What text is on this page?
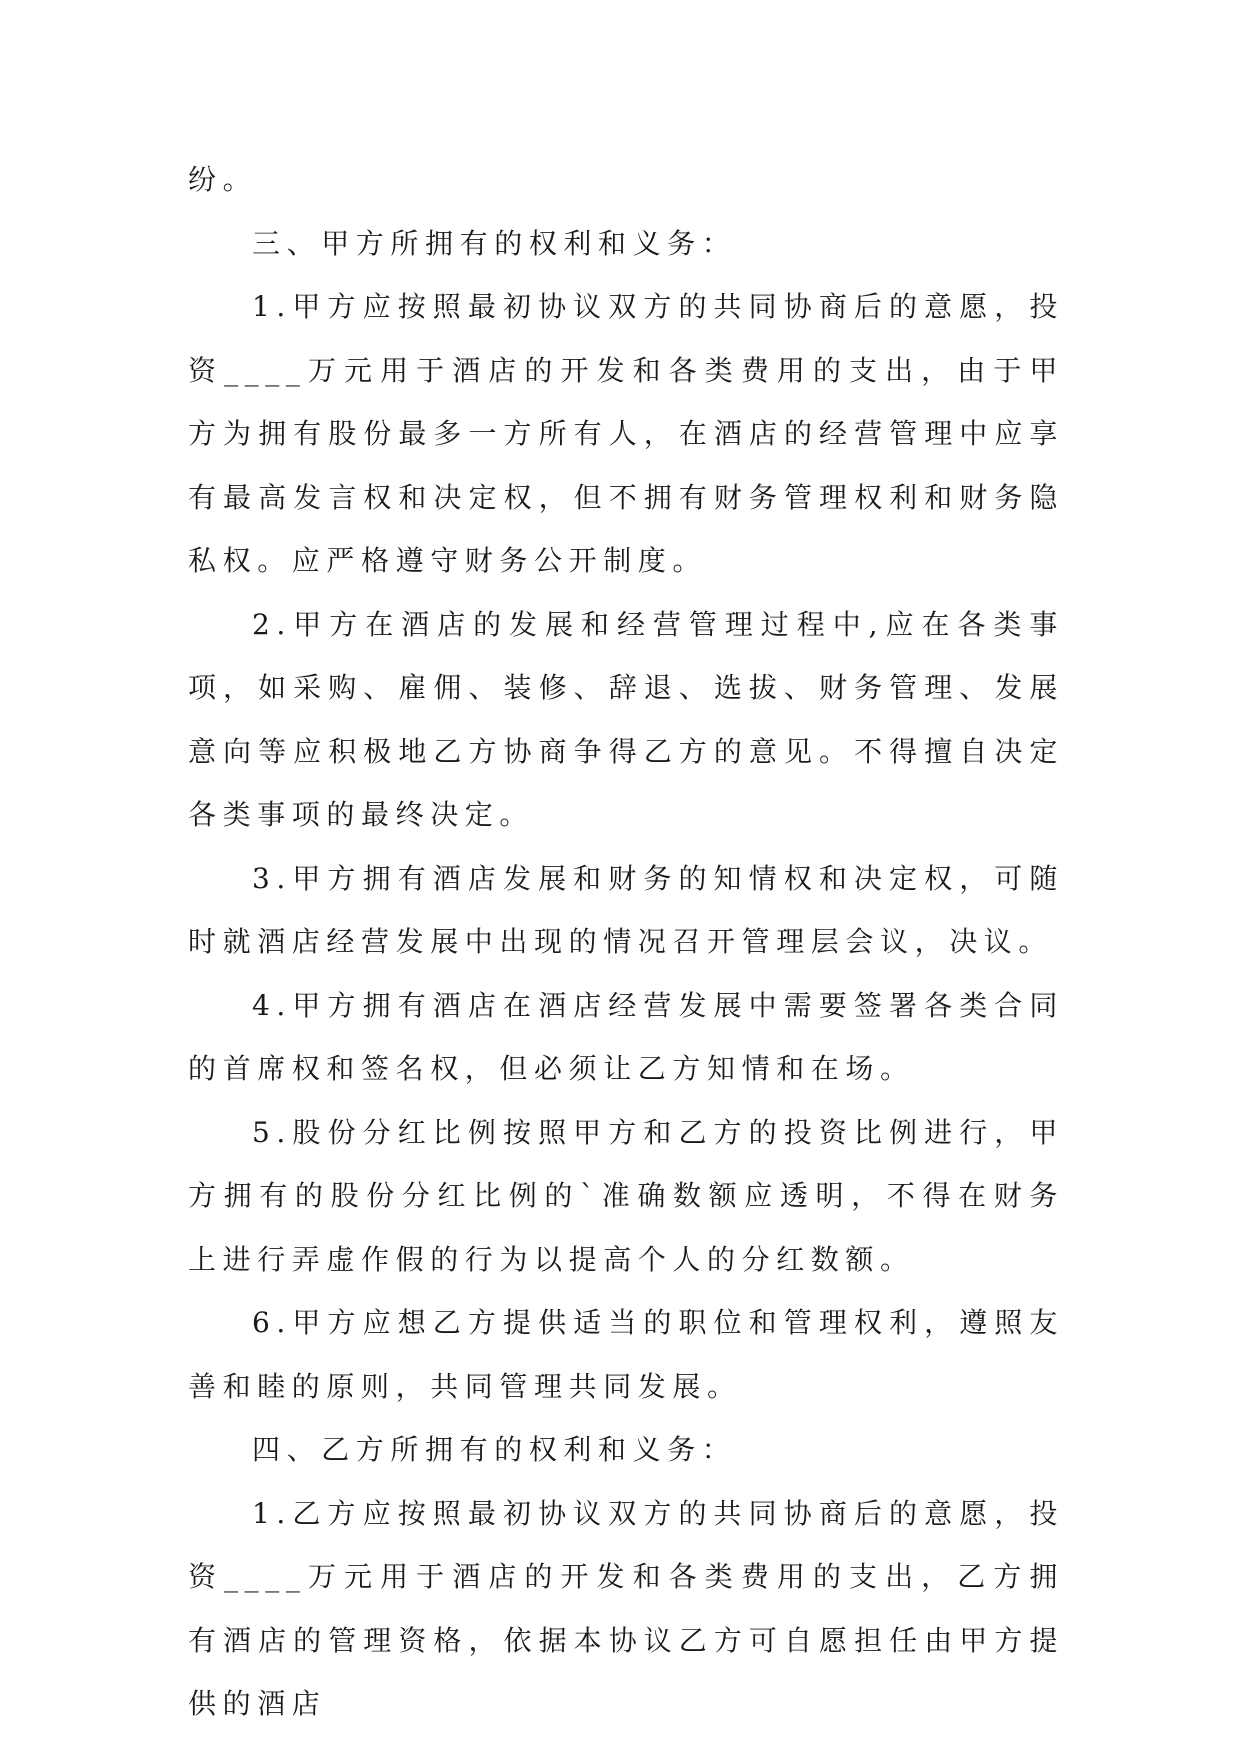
纷。

三、甲方所拥有的权利和义务：

1.甲方应按照最初协议双方的共同协商后的意愿，投资____万元用于酒店的开发和各类费用的支出，由于甲方为拥有股份最多一方所有人，在酒店的经营管理中应享有最高发言权和决定权，但不拥有财务管理权利和财务隐私权。应严格遵守财务公开制度。

2.甲方在酒店的发展和经营管理过程中,应在各类事项，如采购、雇佣、装修、辞退、选拔、财务管理、发展意向等应积极地乙方协商争得乙方的意见。不得擅自决定各类事项的最终决定。

3.甲方拥有酒店发展和财务的知情权和决定权，可随时就酒店经营发展中出现的情况召开管理层会议，决议。

4.甲方拥有酒店在酒店经营发展中需要签署各类合同的首席权和签名权，但必须让乙方知情和在场。

5.股份分红比例按照甲方和乙方的投资比例进行，甲方拥有的股份分红比例的`准确数额应透明，不得在财务上进行弄虚作假的行为以提高个人的分红数额。

6.甲方应想乙方提供适当的职位和管理权利，遵照友善和睦的原则，共同管理共同发展。

四、乙方所拥有的权利和义务：

1.乙方应按照最初协议双方的共同协商后的意愿，投资____万元用于酒店的开发和各类费用的支出，乙方拥有酒店的管理资格，依据本协议乙方可自愿担任由甲方提供的酒店
